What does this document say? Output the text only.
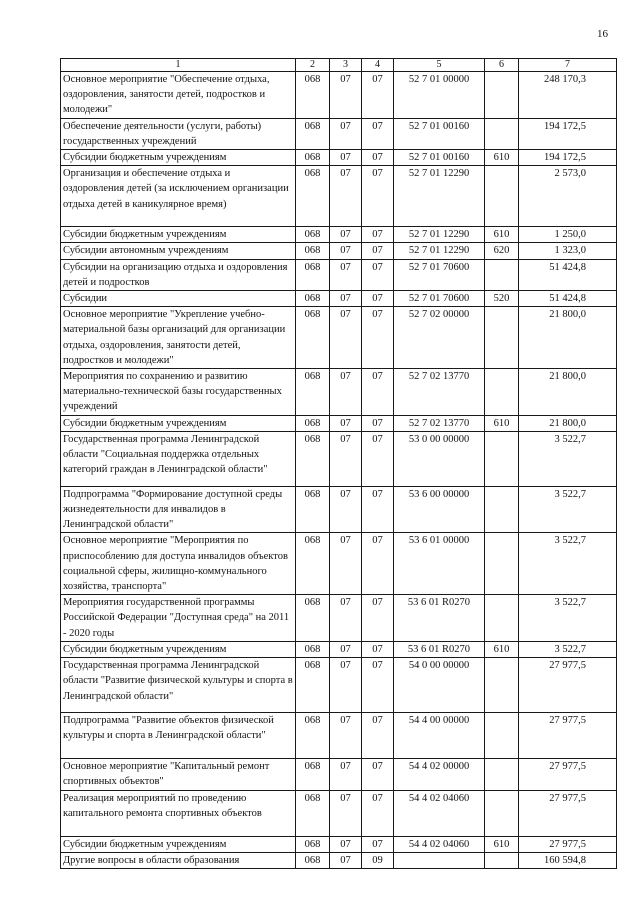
16
1	2	3	4	5	6	7
Основное мероприятие "Обеспечение отдыха, оздоровления, занятости детей, подростков и молодежи"	068	07	07	52 7 01 00000		248 170,3
Обеспечение деятельности (услуги, работы) государственных учреждений	068	07	07	52 7 01 00160		194 172,5
Субсидии бюджетным учреждениям	068	07	07	52 7 01 00160	610	194 172,5
Организация и обеспечение отдыха и оздоровления детей (за исключением организации отдыха детей в каникулярное время)	068	07	07	52 7 01 12290		2 573,0
Субсидии бюджетным учреждениям	068	07	07	52 7 01 12290	610	1 250,0
Субсидии автономным учреждениям	068	07	07	52 7 01 12290	620	1 323,0
Субсидии на организацию отдыха и оздоровления детей и подростков	068	07	07	52 7 01 70600		51 424,8
Субсидии	068	07	07	52 7 01 70600	520	51 424,8
Основное мероприятие "Укрепление учебно-материальной базы организаций для организации отдыха, оздоровления, занятости детей, подростков и молодежи"	068	07	07	52 7 02 00000		21 800,0
Мероприятия по сохранению и развитию материально-технической базы государственных учреждений	068	07	07	52 7 02 13770		21 800,0
Субсидии бюджетным учреждениям	068	07	07	52 7 02 13770	610	21 800,0
Государственная программа Ленинградской области "Социальная поддержка отдельных категорий граждан в Ленинградской области"	068	07	07	53 0 00 00000		3 522,7
Подпрограмма "Формирование доступной среды жизнедеятельности для инвалидов в Ленинградской области"	068	07	07	53 6 00 00000		3 522,7
Основное мероприятие "Мероприятия по приспособлению для доступа инвалидов объектов социальной сферы, жилищно-коммунального хозяйства, транспорта"	068	07	07	53 6 01 00000		3 522,7
Мероприятия государственной программы Российской Федерации "Доступная среда" на 2011 - 2020 годы	068	07	07	53 6 01 R0270		3 522,7
Субсидии бюджетным учреждениям	068	07	07	53 6 01 R0270	610	3 522,7
Государственная программа Ленинградской области "Развитие физической культуры и спорта в Ленинградской области"	068	07	07	54 0 00 00000		27 977,5
Подпрограмма "Развитие объектов физической культуры и спорта в Ленинградской области"	068	07	07	54 4 00 00000		27 977,5
Основное мероприятие "Капитальный ремонт спортивных объектов"	068	07	07	54 4 02 00000		27 977,5
Реализация мероприятий по проведению капитального ремонта спортивных объектов	068	07	07	54 4 02 04060		27 977,5
Субсидии бюджетным учреждениям	068	07	07	54 4 02 04060	610	27 977,5
Другие вопросы в области образования	068	07	09			160 594,8
